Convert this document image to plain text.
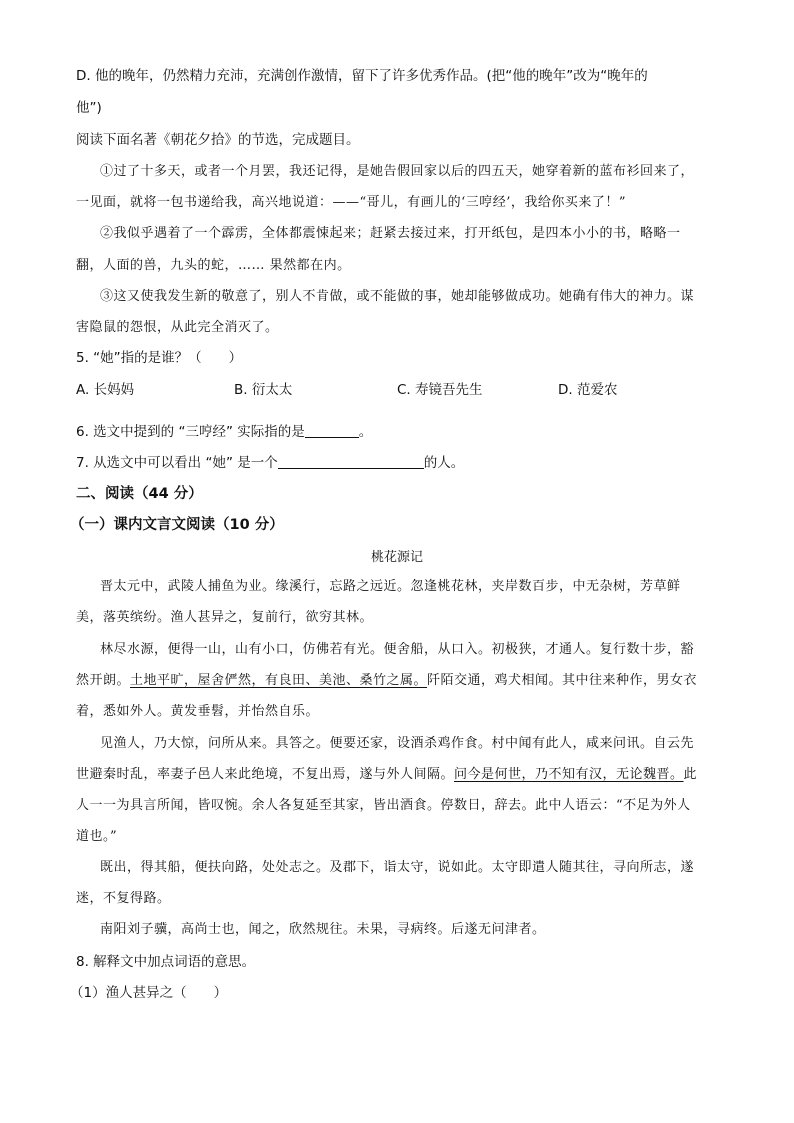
D. 他的晚年，仍然精力充沛，充满创作激情，留下了许多优秀作品。(把“他的晚年”改为“晚年的
他”)
阅读下面名著《朝花夕拾》的节选，完成题目。
①过了十多天，或者一个月罢，我还记得，是她告假回家以后的四五天，她穿着新的蓝布衫回来了，
一见面，就将一包书递给我，高兴地说道：——“哥儿，有画儿的‘三哼经’，我给你买来了！”
②我似乎遇着了一个霹雳，全体都震悚起来；赶紧去接过来，打开纸包，是四本小小的书，略略一
翻，人面的兽，九头的蛇，…… 果然都在内。
③这又使我发生新的敬意了，别人不肯做，或不能做的事，她却能够做成功。她确有伟大的神力。谋
害隐鼠的怨恨，从此完全消灭了。
5. “她”指的是谁？（　　）
A. 长妈妈	B. 衍太太	C. 寿镜吾先生	D. 范爱农
6. 选文中提到的 “三哼经” 实际指的是	。
7. 从选文中可以看出 “她” 是一个	的人。
二、阅读（44 分）
（一）课内文言文阅读（10 分）
桃花源记
晋太元中，武陵人捕鱼为业。缘溪行，忘路之远近。忽逢桃花林，夹岸数百步，中无杂树，芳草鲜
美，落英缤纷。渔人甚异之，复前行，欲穷其林。
林尽水源，便得一山，山有小口，仿佛若有光。便舍船，从口入。初极狭，才通人。复行数十步，豁
然开朗。土地平旷，屋舍俨然，有良田、美池、桑竹之属。阡陌交通，鸡犬相闻。其中往来种作，男女衣
着，悉如外人。黄发垂髫，并怡然自乐。
见渔人，乃大惊，问所从来。具答之。便要还家，设酒杀鸡作食。村中闻有此人，咸来问讯。自云先
世避秦时乱，率妻子邑人来此绝境，不复出焉，遂与外人间隔。问今是何世，乃不知有汉，无论魏晋。此
人一一为具言所闻，皆叹惋。余人各复延至其家，皆出酒食。停数日，辞去。此中人语云：“不足为外人
道也。”
既出，得其船，便扶向路，处处志之。及郡下，诣太守，说如此。太守即遣人随其往，寻向所志，遂
迷，不复得路。
南阳刘子骥，高尚士也，闻之，欣然规往。未果，寻病终。后遂无问津者。
8. 解释文中加点词语的意思。
（1）渔人甚异之（　　）
